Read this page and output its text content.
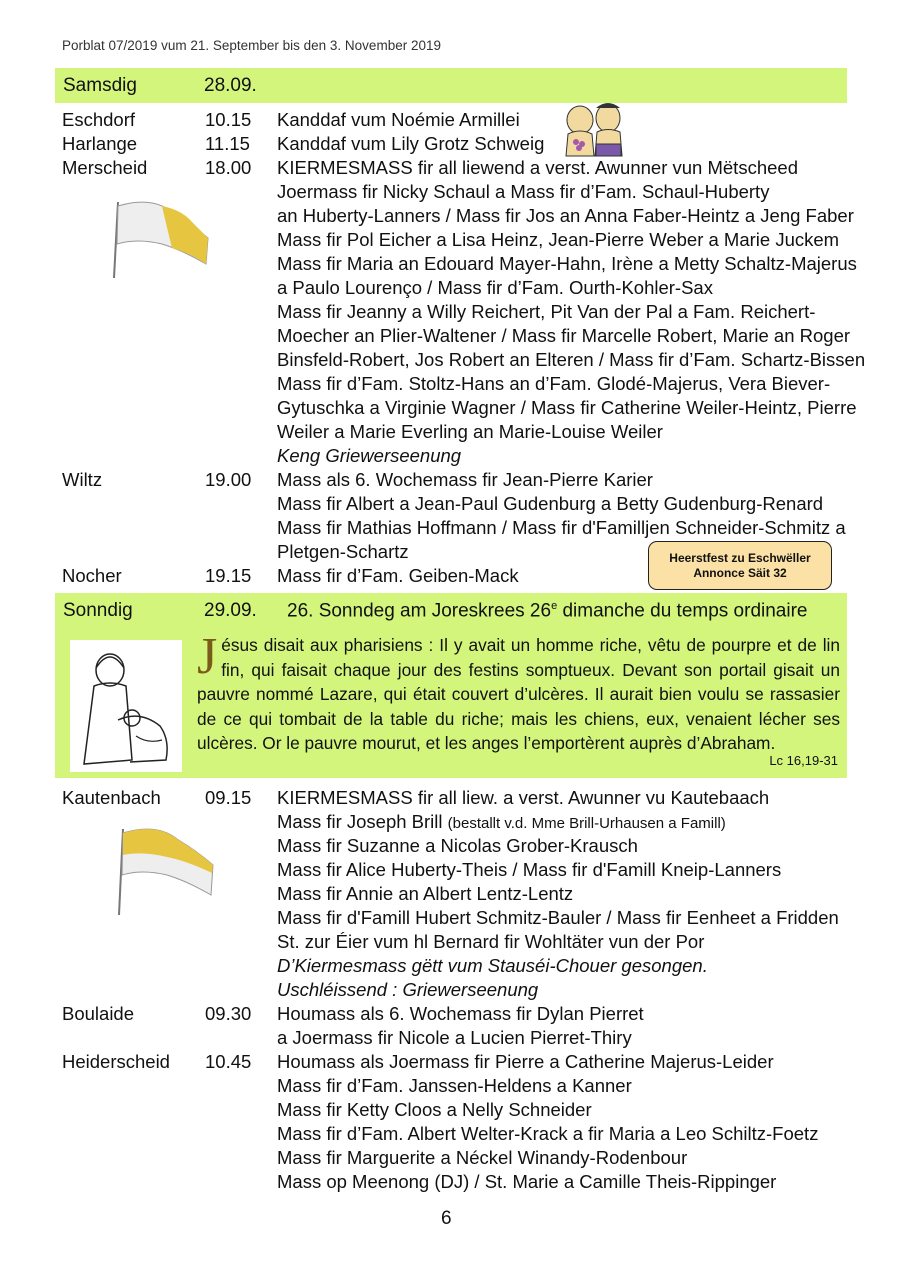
Porblat 07/2019 vum 21. September bis den 3. November 2019
Samsdig	28.09.
Eschdorf	10.15 Kanddaf vum Noémie Armillei
Harlange	11.15 Kanddaf vum Lily Grotz Schweig
Merscheid	18.00 KIERMESMASS fir all liewend a verst. Awunner vun Mëtscheed
Joermass fir Nicky Schaul a Mass fir d’Fam. Schaul-Huberty
an Huberty-Lanners / Mass fir Jos an Anna Faber-Heintz a Jeng Faber
Mass fir Pol Eicher a Lisa Heinz, Jean-Pierre Weber a Marie Juckem
Mass fir Maria an Edouard Mayer-Hahn, Irène a Metty Schaltz-Majerus
a Paulo Lourenço / Mass fir d’Fam. Ourth-Kohler-Sax
Mass fir Jeanny a Willy Reichert, Pit Van der Pal a Fam. Reichert-
Moecher an Plier-Waltener / Mass fir Marcelle Robert, Marie an Roger
Binsfeld-Robert, Jos Robert an Elteren / Mass fir d’Fam. Schartz-Bissen
Mass fir d’Fam. Stoltz-Hans an d’Fam. Glodé-Majerus, Vera Biever-
Gytuschka a Virginie Wagner / Mass fir Catherine Weiler-Heintz, Pierre
Weiler a Marie Everling an Marie-Louise Weiler
Keng Griewerseenung
Wiltz	19.00 Mass als 6. Wochemass fir Jean-Pierre Karier
Mass fir Albert a Jean-Paul Gudenburg a Betty Gudenburg-Renard
Mass fir Mathias Hoffmann / Mass fir d'Familljen Schneider-Schmitz a
Pletgen-Schartz
Nocher	19.15 Mass fir d’Fam. Geiben-Mack
Sonndig	29.09. 26. Sonndeg am Joreskrees 26e dimanche du temps ordinaire
Jésus disait aux pharisiens : Il y avait un homme riche, vêtu de pourpre et de lin fin, qui faisait chaque jour des festins somptueux. Devant son portail gisait un pauvre nommé Lazare, qui était couvert d’ulcères. Il aurait bien voulu se rassasier de ce qui tombait de la table du riche; mais les chiens, eux, venaient lécher ses ulcères. Or le pauvre mourut, et les anges l’emportèrent auprès d’Abraham.
Lc 16,19-31
Heerstfest zu Eschwëller
Annonce Säit 32
Kautenbach 09.15 KIERMESMASS fir all liew. a verst. Awunner vu Kautebaach
Mass fir Joseph Brill (bestallt v.d. Mme Brill-Urhausen a Famill)
Mass fir Suzanne a Nicolas Grober-Krausch
Mass fir Alice Huberty-Theis / Mass fir d'Famill Kneip-Lanners
Mass fir Annie an Albert Lentz-Lentz
Mass fir d'Famill Hubert Schmitz-Bauler / Mass fir Eenheet a Fridden
St. zur Éier vum hl Bernard fir Wohltäter vun der Por
D’Kiermesmass gëtt vum Stauséi-Chouer gesongen.
Uschléissend : Griewerseenung
Boulaide	09.30 Houmass als 6. Wochemass fir Dylan Pierret
a Joermass fir Nicole a Lucien Pierret-Thiry
Heiderscheid 10.45 Houmass als Joermass fir Pierre a Catherine Majerus-Leider
Mass fir d’Fam. Janssen-Heldens a Kanner
Mass fir Ketty Cloos a Nelly Schneider
Mass fir d’Fam. Albert Welter-Krack a fir Maria a Leo Schiltz-Foetz
Mass fir Marguerite a Néckel Winandy-Rodenbour
Mass op Meenong (DJ) / St. Marie a Camille Theis-Rippinger
6
